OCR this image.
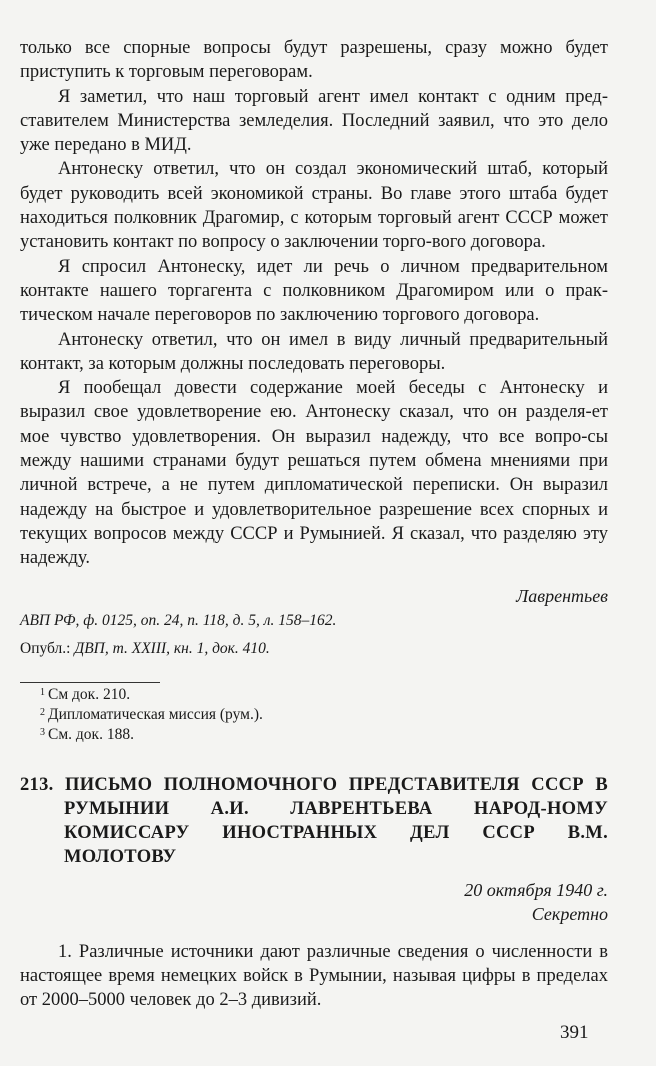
только все спорные вопросы будут разрешены, сразу можно будет приступить к торговым переговорам.

Я заметил, что наш торговый агент имел контакт с одним пред-ставителем Министерства земледелия. Последний заявил, что это дело уже передано в МИД.

Антонеску ответил, что он создал экономический штаб, который будет руководить всей экономикой страны. Во главе этого штаба будет находиться полковник Драгомир, с которым торговый агент СССР может установить контакт по вопросу о заключении торго-вого договора.

Я спросил Антонеску, идет ли речь о личном предварительном контакте нашего торгагента с полковником Драгомиром или о прак-тическом начале переговоров по заключению торгового договора.

Антонеску ответил, что он имел в виду личный предварительный контакт, за которым должны последовать переговоры.

Я пообещал довести содержание моей беседы с Антонеску и выразил свое удовлетворение ею. Антонеску сказал, что он разделя-ет мое чувство удовлетворения. Он выразил надежду, что все вопро-сы между нашими странами будут решаться путем обмена мнениями при личной встрече, а не путем дипломатической переписки. Он выразил надежду на быстрое и удовлетворительное разрешение всех спорных и текущих вопросов между СССР и Румынией. Я сказал, что разделяю эту надежду.

Лаврентьев
АВП РФ, ф. 0125, оп. 24, п. 118, д. 5, л. 158–162.
Опубл.: ДВП, т. XXIII, кн. 1, док. 410.
1 См док. 210.
2 Дипломатическая миссия (рум.).
3 См. док. 188.
213. ПИСЬМО ПОЛНОМОЧНОГО ПРЕДСТАВИТЕЛЯ СССР В РУМЫНИИ А.И. ЛАВРЕНТЬЕВА НАРОД-НОМУ КОМИССАРУ ИНОСТРАННЫХ ДЕЛ СССР В.М. МОЛОТОВУ
20 октября 1940 г.
Секретно

1. Различные источники дают различные сведения о численности в настоящее время немецких войск в Румынии, называя цифры в пределах от 2000–5000 человек до 2–3 дивизий.

391
